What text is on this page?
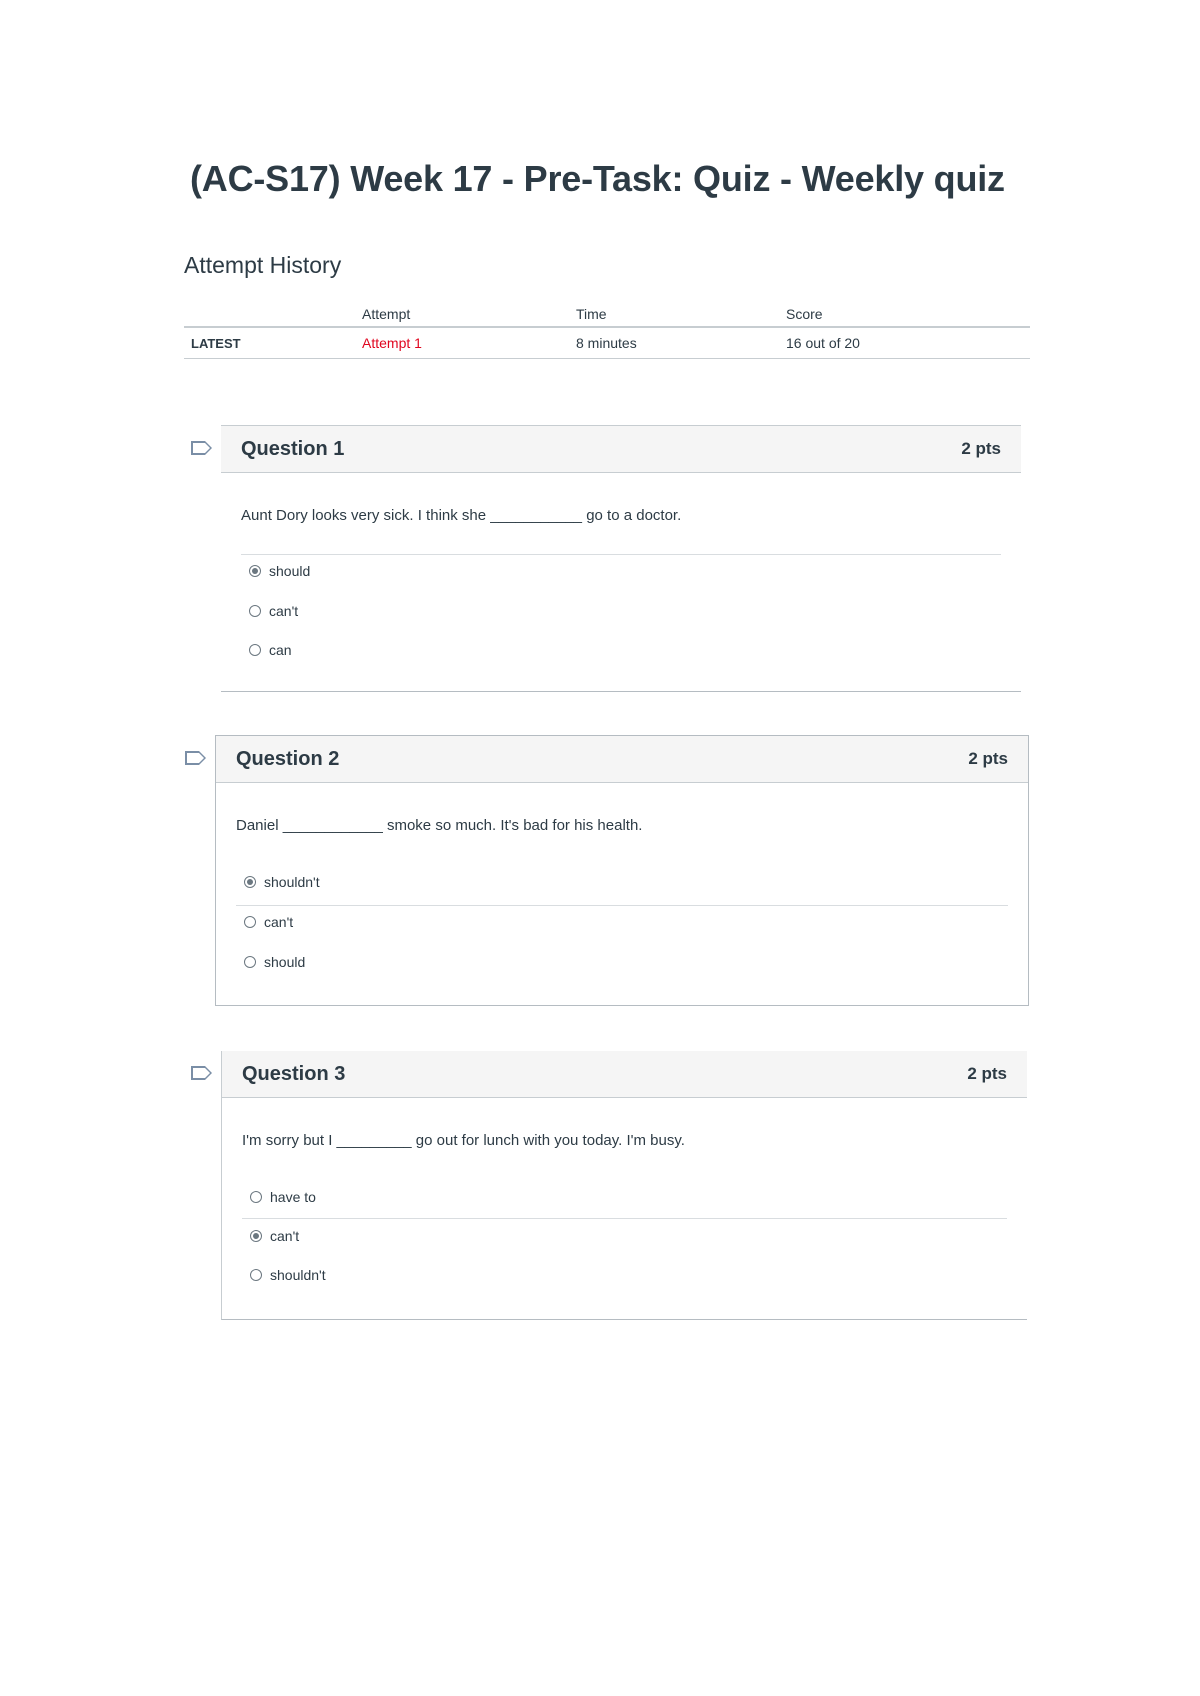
(AC-S17) Week 17 - Pre-Task: Quiz - Weekly quiz
Attempt History
	Attempt	Time	Score
LATEST	Attempt 1	8 minutes	16 out of 20
Question 1	2 pts
Aunt Dory looks very sick. I think she ___________ go to a doctor.
should
can't
can
Question 2	2 pts
Daniel ____________ smoke so much. It's bad for his health.
shouldn't
can't
should
Question 3	2 pts
I'm sorry but I _________ go out for lunch with you today. I'm busy.
have to
can't
shouldn't
